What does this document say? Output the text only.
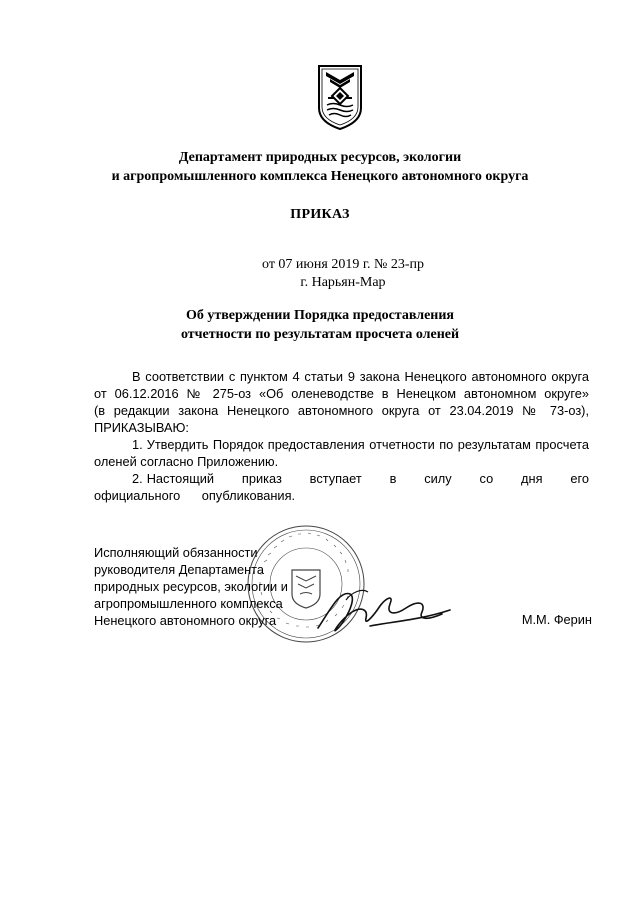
Департамент природных ресурсов, экологии
и агропромышленного комплекса Ненецкого автономного округа
ПРИКАЗ
от 07 июня 2019 г. № 23-пр
г. Нарьян-Мар
Об утверждении Порядка предоставления
отчетности по результатам просчета оленей
В соответствии с пунктом 4 статьи 9 закона Ненецкого автономного округа
от 06.12.2016 № 275-оз «Об оленеводстве в Ненецком автономном округе»
(в редакции закона Ненецкого автономного округа от 23.04.2019 № 73-оз),
ПРИКАЗЫВАЮ:

1. Утвердить Порядок предоставления отчетности по результатам просчета оленей согласно Приложению.

2. Настоящий приказ вступает в силу со дня его официального опубликования.

Исполняющий обязанности
руководителя Департамента
природных ресурсов, экологии и
агропромышленного комплекса
Ненецкого автономного округа	М.М. Ферин
